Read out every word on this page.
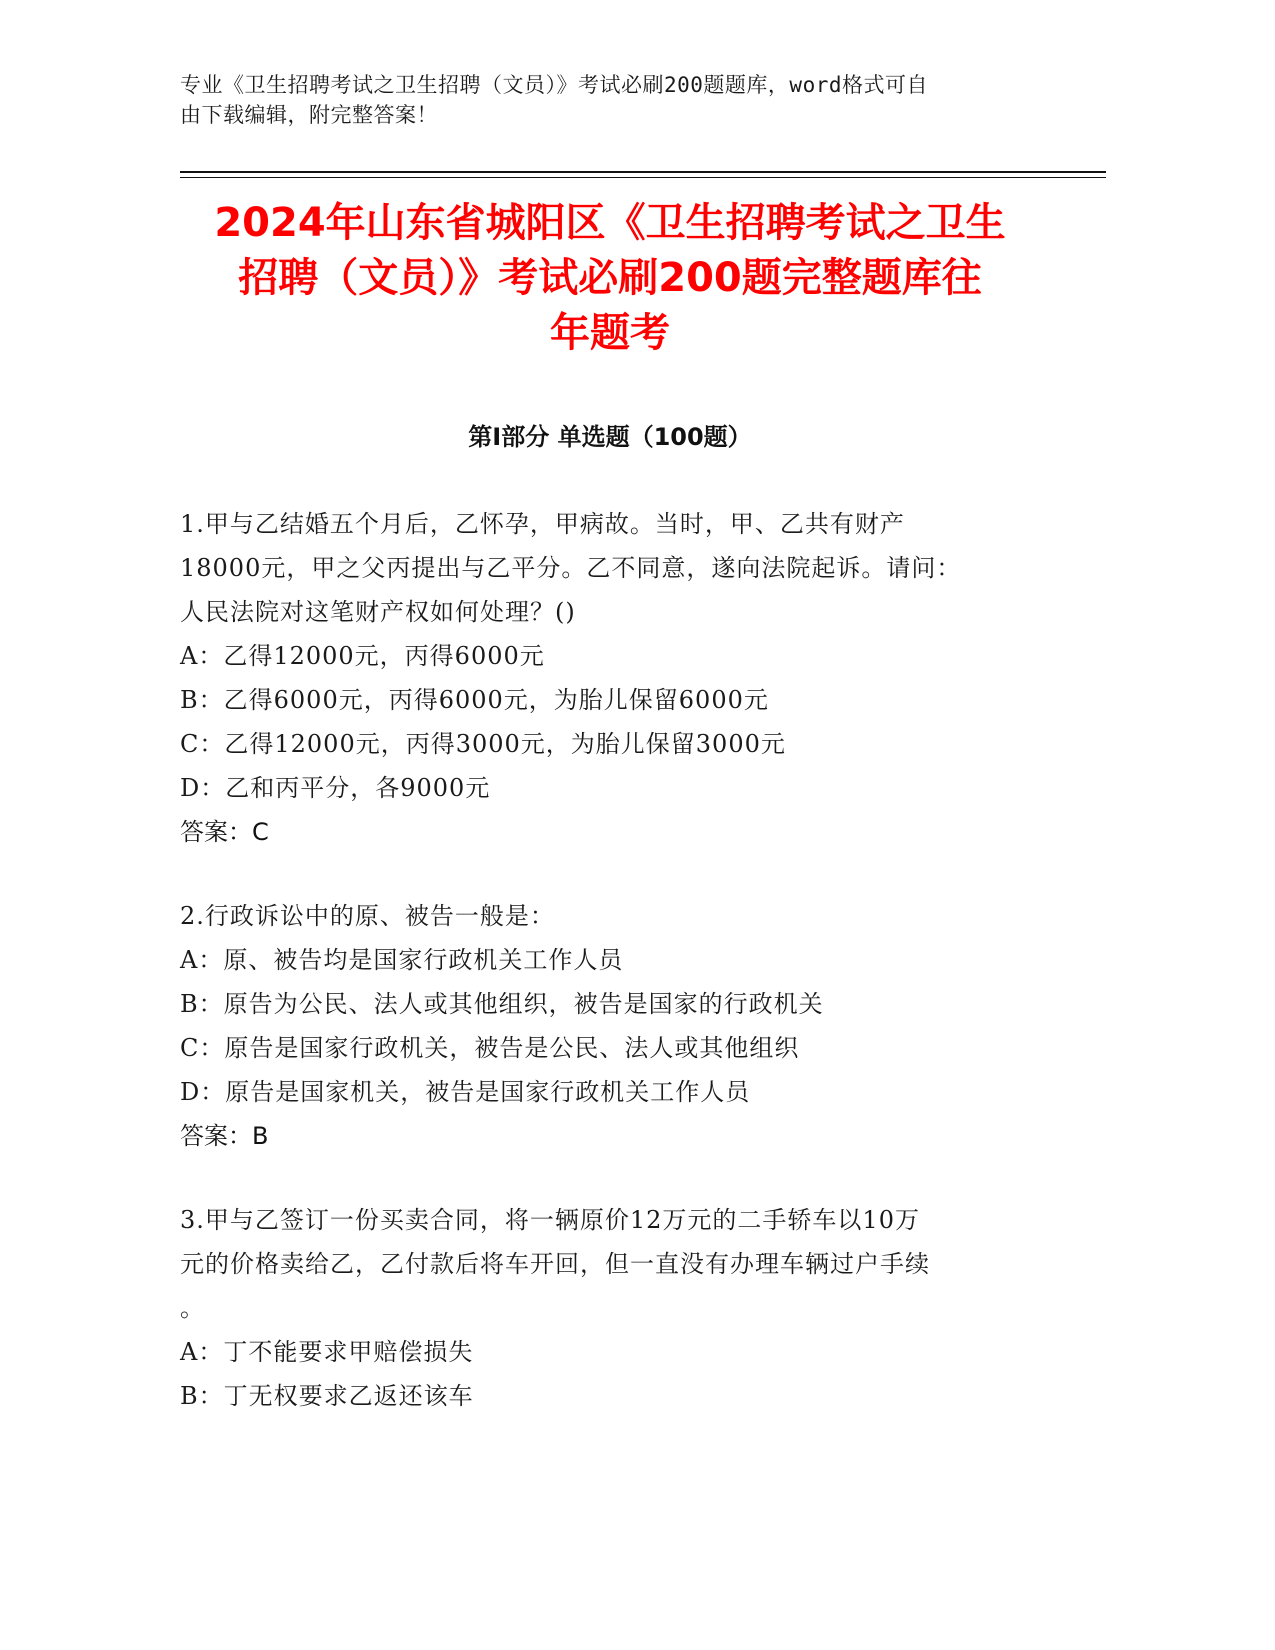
专业《卫生招聘考试之卫生招聘（文员）》考试必刷200题题库，word格式可自
由下载编辑，附完整答案！
2024年山东省城阳区《卫生招聘考试之卫生
招聘（文员）》考试必刷200题完整题库往
年题考
第I部分 单选题（100题）
1.甲与乙结婚五个月后，乙怀孕，甲病故。当时，甲、乙共有财产
18000元，甲之父丙提出与乙平分。乙不同意，遂向法院起诉。请问：
人民法院对这笔财产权如何处理？()
A：乙得12000元，丙得6000元
B：乙得6000元，丙得6000元，为胎儿保留6000元
C：乙得12000元，丙得3000元，为胎儿保留3000元
D：乙和丙平分，各9000元
答案：C
2.行政诉讼中的原、被告一般是：
A：原、被告均是国家行政机关工作人员
B：原告为公民、法人或其他组织，被告是国家的行政机关
C：原告是国家行政机关，被告是公民、法人或其他组织
D：原告是国家机关，被告是国家行政机关工作人员
答案：B
3.甲与乙签订一份买卖合同，将一辆原价12万元的二手轿车以10万
元的价格卖给乙，乙付款后将车开回，但一直没有办理车辆过户手续
。
A：丁不能要求甲赔偿损失
B：丁无权要求乙返还该车
